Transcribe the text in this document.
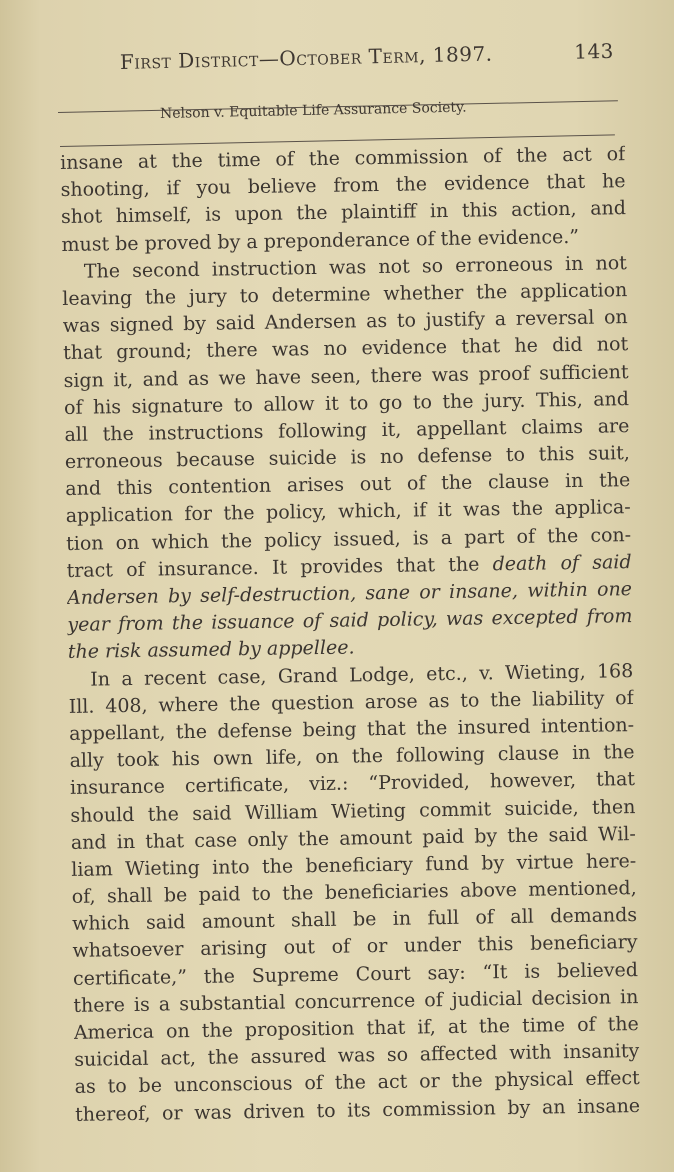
First District—October Term, 1897.	143
Nelson v. Equitable Life Assurance Society.
insane at the time of the commission of the act of
shooting, if you believe from the evidence that he
shot himself, is upon the plaintiff in this action, and
must be proved by a preponderance of the evidence.”
The second instruction was not so erroneous in not
leaving the jury to determine whether the application
was signed by said Andersen as to justify a reversal on
that ground; there was no evidence that he did not
sign it, and as we have seen, there was proof sufficient
of his signature to allow it to go to the jury. This, and
all the instructions following it, appellant claims are
erroneous because suicide is no defense to this suit,
and this contention arises out of the clause in the
application for the policy, which, if it was the applica-
tion on which the policy issued, is a part of the con-
tract of insurance. It provides that the death of said
Andersen by self-destruction, sane or insane, within one
year from the issuance of said policy, was excepted from
the risk assumed by appellee.
In a recent case, Grand Lodge, etc., v. Wieting, 168
Ill. 408, where the question arose as to the liability of
appellant, the defense being that the insured intention-
ally took his own life, on the following clause in the
insurance certificate, viz.: “Provided, however, that
should the said William Wieting commit suicide, then
and in that case only the amount paid by the said Wil-
liam Wieting into the beneficiary fund by virtue here-
of, shall be paid to the beneficiaries above mentioned,
which said amount shall be in full of all demands
whatsoever arising out of or under this beneficiary
certificate,” the Supreme Court say: “It is believed
there is a substantial concurrence of judicial decision in
America on the proposition that if, at the time of the
suicidal act, the assured was so affected with insanity
as to be unconscious of the act or the physical effect
thereof, or was driven to its commission by an insane
